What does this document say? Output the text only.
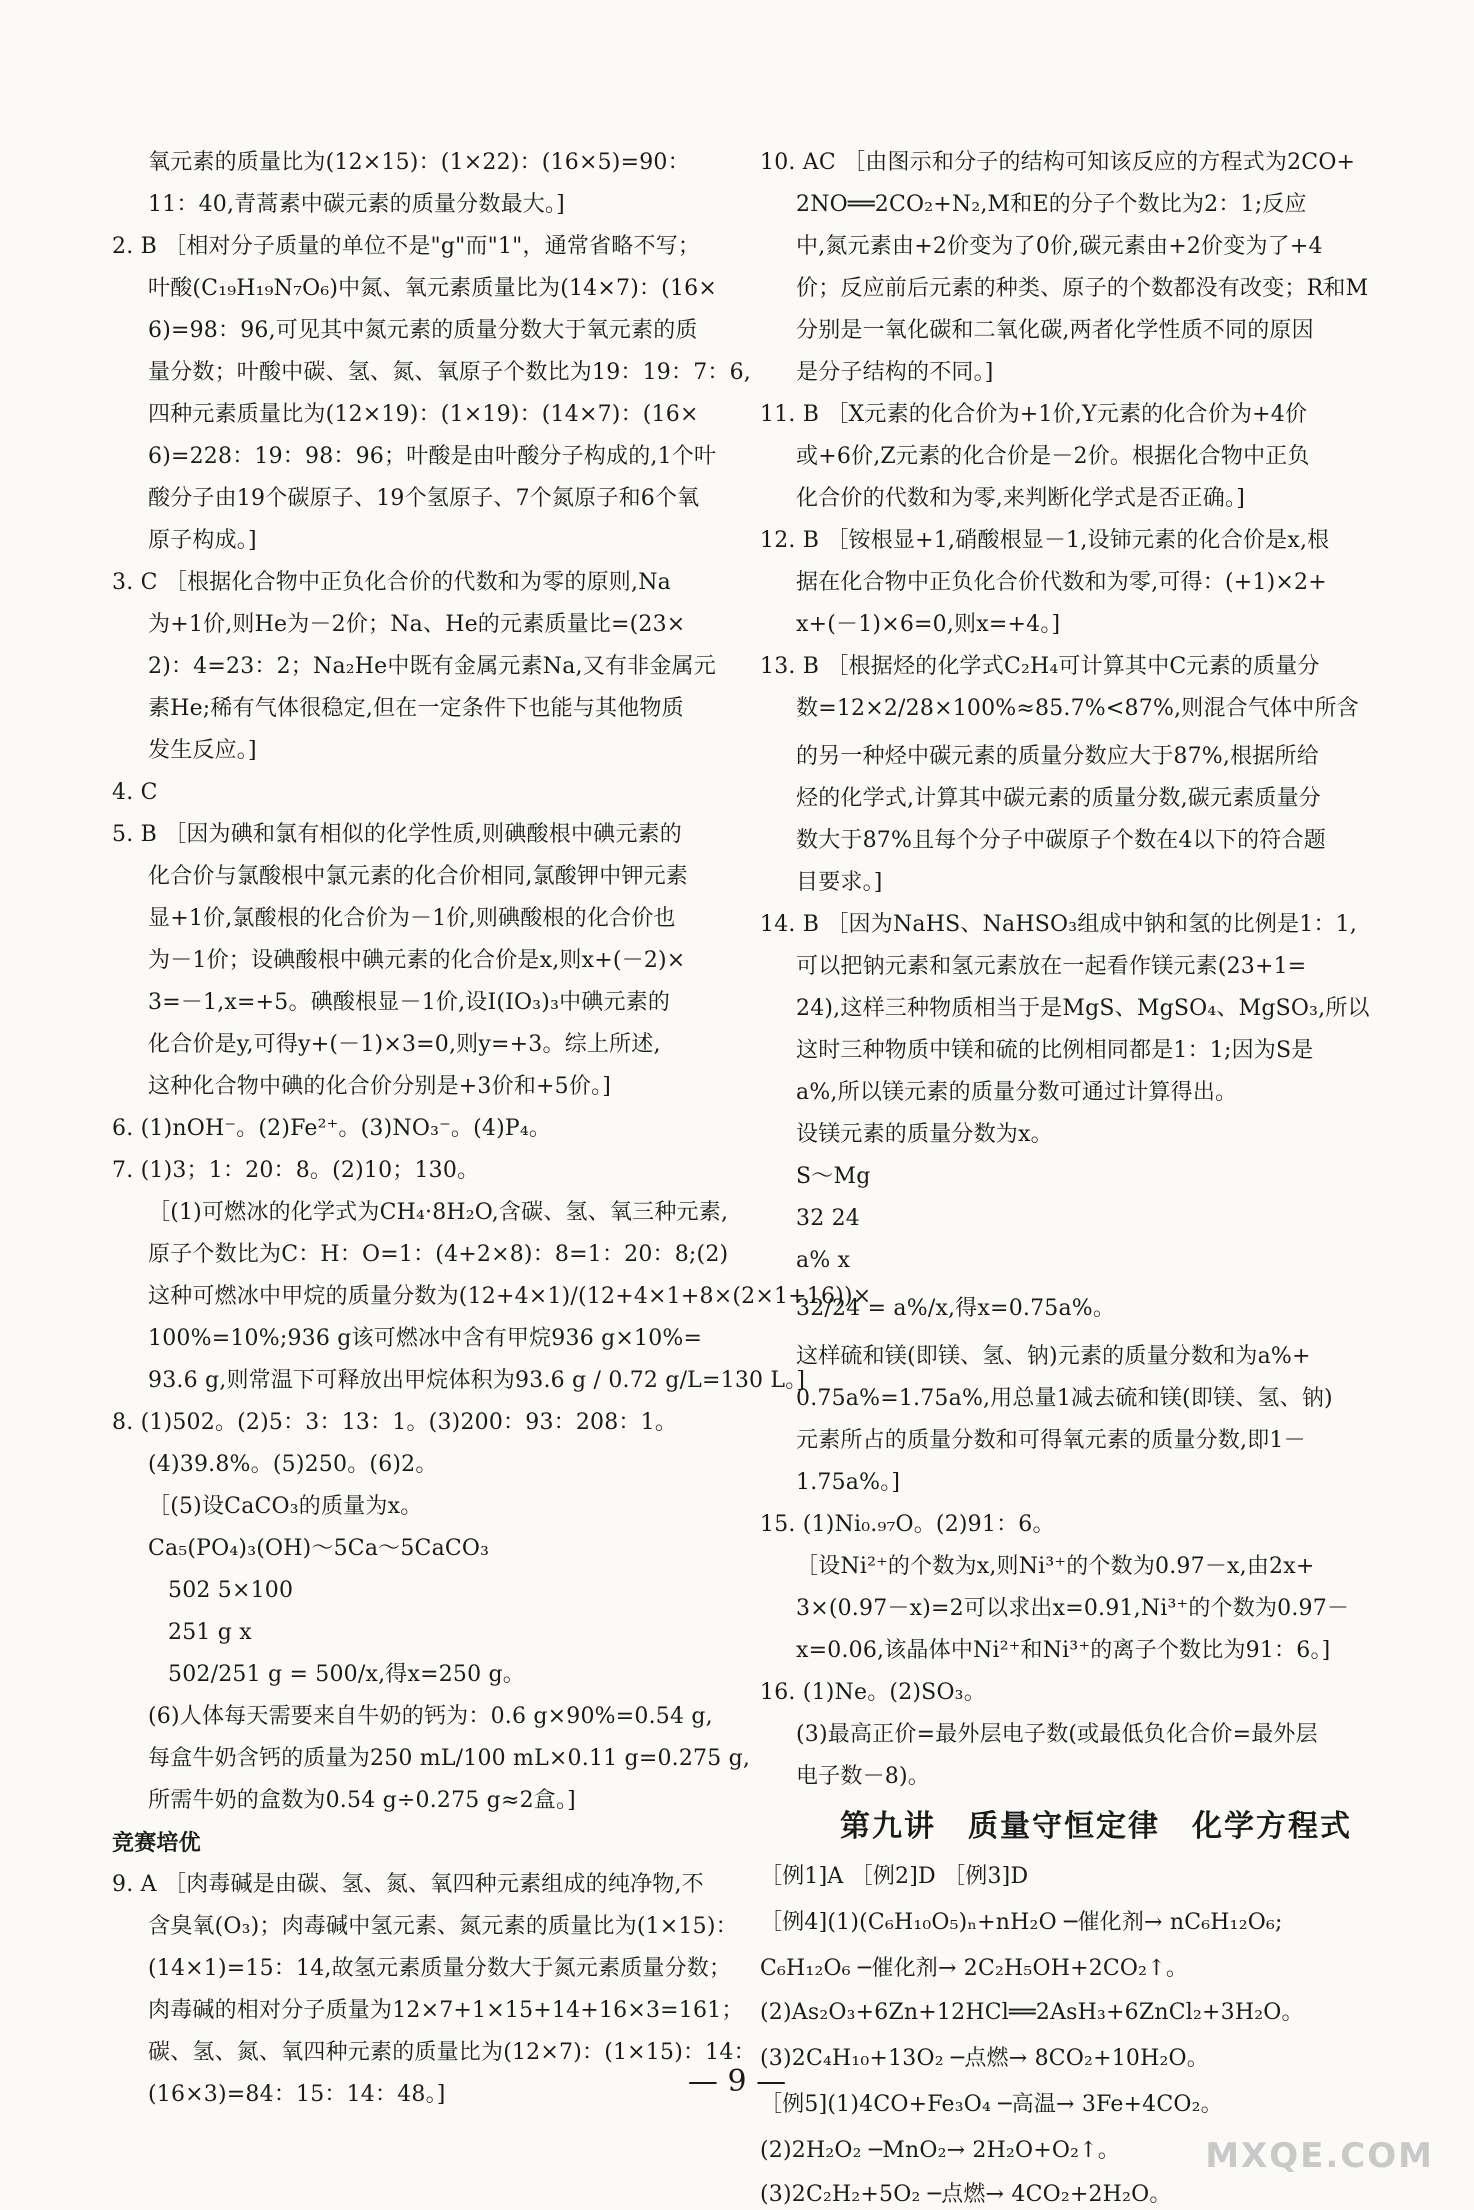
氧元素的质量比为(12×15)：(1×22)：(16×5)=90：
11：40,青蒿素中碳元素的质量分数最大。]
2. B ［相对分子质量的单位不是"g"而"1"，通常省略不写；
叶酸(C₁₉H₁₉N₇O₆)中氮、氧元素质量比为(14×7)：(16×
6)=98：96,可见其中氮元素的质量分数大于氧元素的质
量分数；叶酸中碳、氢、氮、氧原子个数比为19：19：7：6,
四种元素质量比为(12×19)：(1×19)：(14×7)：(16×
6)=228：19：98：96；叶酸是由叶酸分子构成的,1个叶
酸分子由19个碳原子、19个氢原子、7个氮原子和6个氧
原子构成。]
3. C ［根据化合物中正负化合价的代数和为零的原则,Na
为+1价,则He为－2价；Na、He的元素质量比=(23×
2)：4=23：2；Na₂He中既有金属元素Na,又有非金属元
素He;稀有气体很稳定,但在一定条件下也能与其他物质
发生反应。]
4. C
5. B ［因为碘和氯有相似的化学性质,则碘酸根中碘元素的
化合价与氯酸根中氯元素的化合价相同,氯酸钾中钾元素
显+1价,氯酸根的化合价为－1价,则碘酸根的化合价也
为－1价；设碘酸根中碘元素的化合价是x,则x+(－2)×
3=－1,x=+5。碘酸根显－1价,设I(IO₃)₃中碘元素的
化合价是y,可得y+(－1)×3=0,则y=+3。综上所述,
这种化合物中碘的化合价分别是+3价和+5价。]
6. (1)nOH⁻。(2)Fe²⁺。(3)NO₃⁻。(4)P₄。
7. (1)3；1：20：8。(2)10；130。
［(1)可燃冰的化学式为CH₄·8H₂O,含碳、氢、氧三种元素,
原子个数比为C：H：O=1：(4+2×8)：8=1：20：8;(2)
这种可燃冰中甲烷的质量分数为(12+4×1)/(12+4×1+8×(2×1+16))×
100%=10%;936 g该可燃冰中含有甲烷936 g×10%=
93.6 g,则常温下可释放出甲烷体积为93.6 g / 0.72 g/L=130 L。]
8. (1)502。(2)5：3：13：1。(3)200：93：208：1。
(4)39.8%。(5)250。(6)2。
［(5)设CaCO₃的质量为x。
Ca₅(PO₄)₃(OH)～5Ca～5CaCO₃
502 5×100
251 g x
502/251 g = 500/x,得x=250 g。
(6)人体每天需要来自牛奶的钙为：0.6 g×90%=0.54 g,
每盒牛奶含钙的质量为250 mL/100 mL×0.11 g=0.275 g,
所需牛奶的盒数为0.54 g÷0.275 g≈2盒。]
竞赛培优
9. A ［肉毒碱是由碳、氢、氮、氧四种元素组成的纯净物,不
含臭氧(O₃)；肉毒碱中氢元素、氮元素的质量比为(1×15)：
(14×1)=15：14,故氢元素质量分数大于氮元素质量分数；
肉毒碱的相对分子质量为12×7+1×15+14+16×3=161；
碳、氢、氮、氧四种元素的质量比为(12×7)：(1×15)：14：
(16×3)=84：15：14：48。]
10. AC ［由图示和分子的结构可知该反应的方程式为2CO+
2NO══2CO₂+N₂,M和E的分子个数比为2：1;反应
中,氮元素由+2价变为了0价,碳元素由+2价变为了+4
价；反应前后元素的种类、原子的个数都没有改变；R和M
分别是一氧化碳和二氧化碳,两者化学性质不同的原因
是分子结构的不同。]
11. B ［X元素的化合价为+1价,Y元素的化合价为+4价
或+6价,Z元素的化合价是－2价。根据化合物中正负
化合价的代数和为零,来判断化学式是否正确。]
12. B ［铵根显+1,硝酸根显－1,设铈元素的化合价是x,根
据在化合物中正负化合价代数和为零,可得：(+1)×2+
x+(－1)×6=0,则x=+4。]
13. B ［根据烃的化学式C₂H₄可计算其中C元素的质量分
数=12×2/28×100%≈85.7%<87%,则混合气体中所含
的另一种烃中碳元素的质量分数应大于87%,根据所给
烃的化学式,计算其中碳元素的质量分数,碳元素质量分
数大于87%且每个分子中碳原子个数在4以下的符合题
目要求。]
14. B ［因为NaHS、NaHSO₃组成中钠和氢的比例是1：1,
可以把钠元素和氢元素放在一起看作镁元素(23+1=
24),这样三种物质相当于是MgS、MgSO₄、MgSO₃,所以
这时三种物质中镁和硫的比例相同都是1：1;因为S是
a%,所以镁元素的质量分数可通过计算得出。
设镁元素的质量分数为x。
S～Mg
32 24
a% x
32/24 = a%/x,得x=0.75a%。
这样硫和镁(即镁、氢、钠)元素的质量分数和为a%+
0.75a%=1.75a%,用总量1减去硫和镁(即镁、氢、钠)
元素所占的质量分数和可得氧元素的质量分数,即1－
1.75a%。]
15. (1)Ni₀.₉₇O。(2)91：6。
［设Ni²⁺的个数为x,则Ni³⁺的个数为0.97－x,由2x+
3×(0.97－x)=2可以求出x=0.91,Ni³⁺的个数为0.97－
x=0.06,该晶体中Ni²⁺和Ni³⁺的离子个数比为91：6。]
16. (1)Ne。(2)SO₃。
(3)最高正价=最外层电子数(或最低负化合价=最外层
电子数－8)。
第九讲　质量守恒定律　化学方程式
［例1]A ［例2]D ［例3]D
［例4](1)(C₆H₁₀O₅)ₙ+nH₂O ─催化剂→ nC₆H₁₂O₆;
C₆H₁₂O₆ ─催化剂→ 2C₂H₅OH+2CO₂↑。
(2)As₂O₃+6Zn+12HCl══2AsH₃+6ZnCl₂+3H₂O。
(3)2C₄H₁₀+13O₂ ─点燃→ 8CO₂+10H₂O。
［例5](1)4CO+Fe₃O₄ ─高温→ 3Fe+4CO₂。
(2)2H₂O₂ ─MnO₂→ 2H₂O+O₂↑。
(3)2C₂H₂+5O₂ ─点燃→ 4CO₂+2H₂O。
— 9 —
MXQE.COM
